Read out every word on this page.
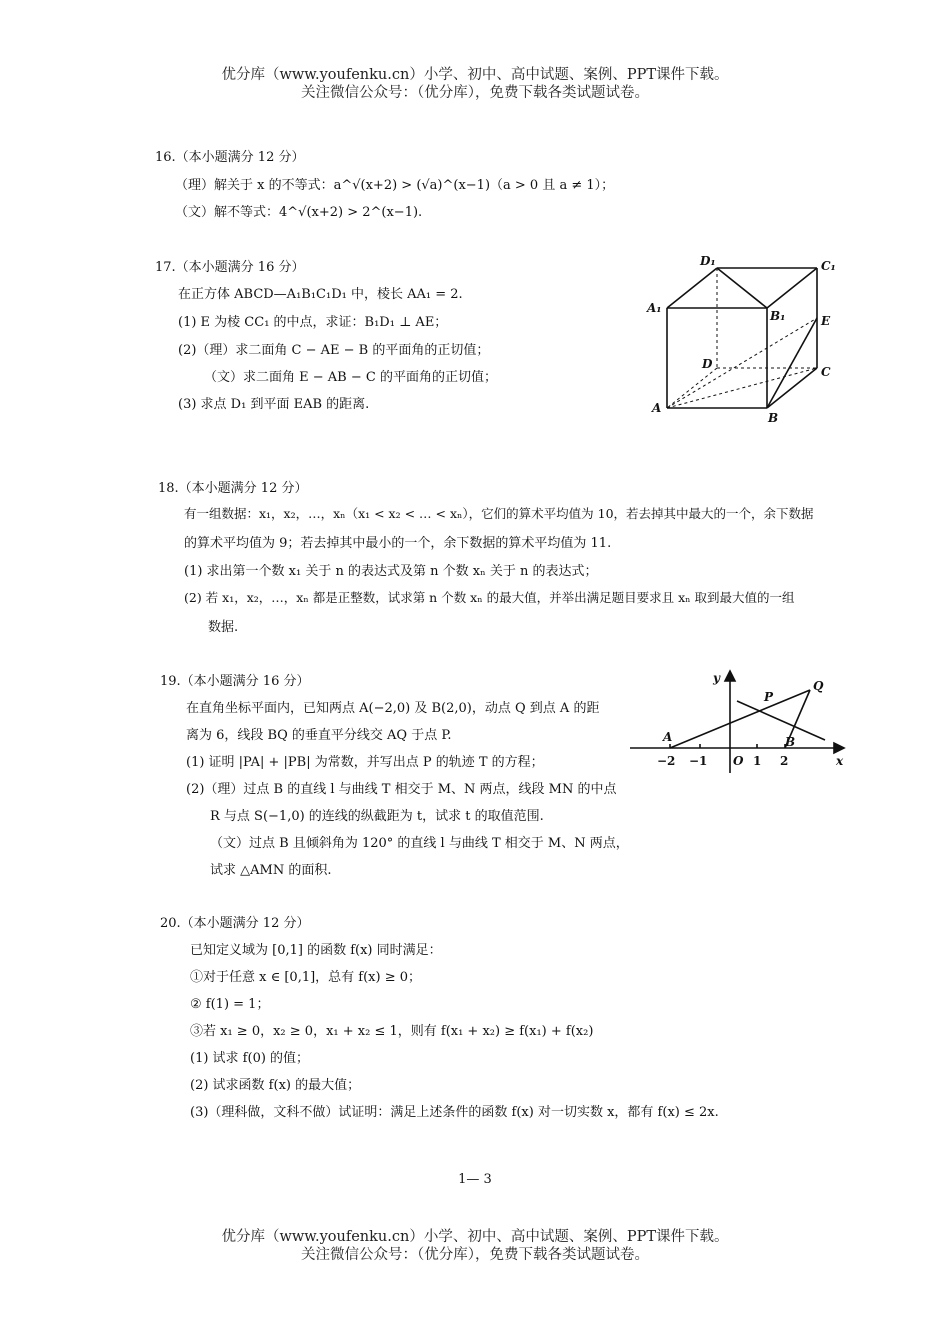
优分库（www.youfenku.cn）小学、初中、高中试题、案例、PPT课件下载。
关注微信公众号：（优分库），免费下载各类试题试卷。
16.（本小题满分 12 分）
（理）解关于 x 的不等式：a^√(x+2) > (√a)^(x−1)（a > 0 且 a ≠ 1）；
（文）解不等式：4^√(x+2) > 2^(x−1).
17.（本小题满分 16 分）
在正方体 ABCD—A₁B₁C₁D₁ 中，棱长 AA₁ = 2.
(1) E 为棱 CC₁ 的中点，求证：B₁D₁ ⊥ AE；
(2)（理）求二面角 C − AE − B 的平面角的正切值；
（文）求二面角 E − AB − C 的平面角的正切值；
(3) 求点 D₁ 到平面 EAB 的距离.
D₁	C₁
A₁
B₁	E
D
C
A
B
18.（本小题满分 12 分）
有一组数据：x₁，x₂，…，xₙ（x₁ < x₂ < … < xₙ），它们的算术平均值为 10，若去掉其中最大的一个，余下数据
的算术平均值为 9；若去掉其中最小的一个，余下数据的算术平均值为 11.
(1) 求出第一个数 x₁ 关于 n 的表达式及第 n 个数 xₙ 关于 n 的表达式；
(2) 若 x₁，x₂，…，xₙ 都是正整数，试求第 n 个数 xₙ 的最大值，并举出满足题目要求且 xₙ 取到最大值的一组
数据.
19.（本小题满分 16 分）
在直角坐标平面内，已知两点 A(−2,0) 及 B(2,0)，动点 Q 到点 A 的距
离为 6，线段 BQ 的垂直平分线交 AQ 于点 P.
(1) 证明 |PA| + |PB| 为常数，并写出点 P 的轨迹 T 的方程；
(2)（理）过点 B 的直线 l 与曲线 T 相交于 M、N 两点，线段 MN 的中点
R 与点 S(−1,0) 的连线的纵截距为 t，试求 t 的取值范围.
（文）过点 B 且倾斜角为 120° 的直线 l 与曲线 T 相交于 M、N 两点，
试求 △AMN 的面积.
y
P
Q
A	B
−2 −1 O 1 2	x
20.（本小题满分 12 分）
已知定义域为 [0,1] 的函数 f(x) 同时满足：
①对于任意 x ∈ [0,1]，总有 f(x) ≥ 0；
② f(1) = 1；
③若 x₁ ≥ 0，x₂ ≥ 0，x₁ + x₂ ≤ 1，则有 f(x₁ + x₂) ≥ f(x₁) + f(x₂)
(1) 试求 f(0) 的值；
(2) 试求函数 f(x) 的最大值；
(3)（理科做，文科不做）试证明：满足上述条件的函数 f(x) 对一切实数 x，都有 f(x) ≤ 2x.
1— 3
优分库（www.youfenku.cn）小学、初中、高中试题、案例、PPT课件下载。
关注微信公众号：（优分库），免费下载各类试题试卷。
